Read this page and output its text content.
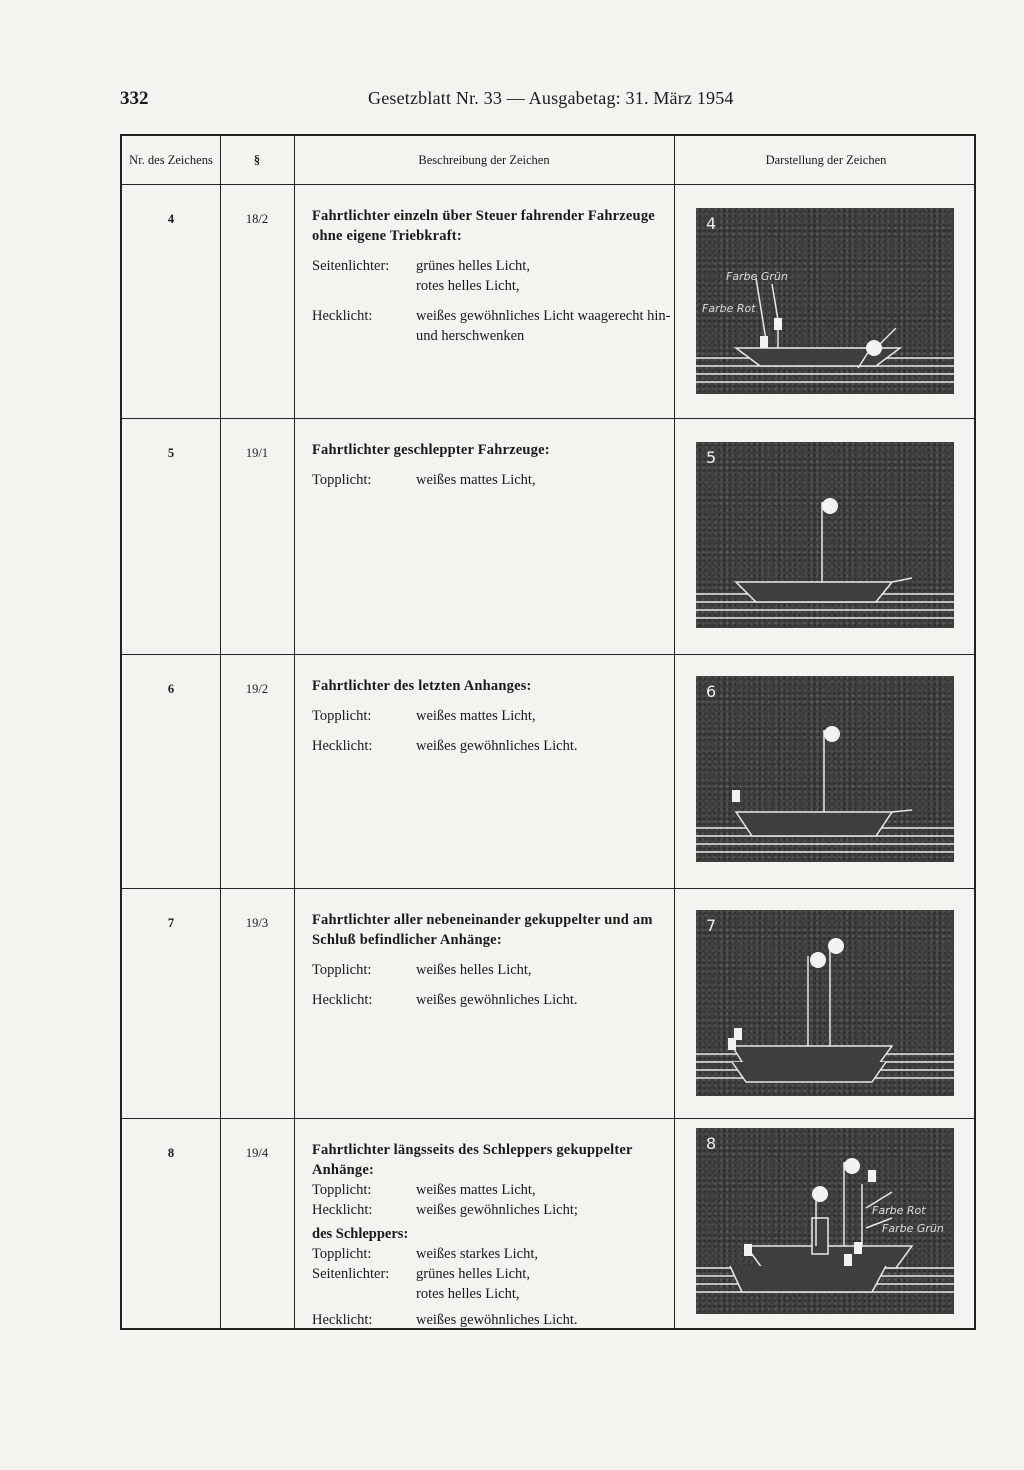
332	Gesetzblatt Nr. 33 — Ausgabetag: 31. März 1954
Nr. des Zeichens	§	Beschreibung der Zeichen	Darstellung der Zeichen
4	18/2	Fahrtlichter einzeln über Steuer fahrender Fahrzeuge ohne eigene Triebkraft:
Seitenlichter:	grünes helles Licht,
rotes helles Licht,
Hecklicht:	weißes gewöhnliches Licht waagerecht hin- und herschwenken
4
Farbe Grün
Farbe Rot
5	19/1	Fahrtlichter geschleppter Fahrzeuge:
Topplicht:	weißes mattes Licht,
5
6	19/2	Fahrtlichter des letzten Anhanges:
Topplicht:	weißes mattes Licht,
Hecklicht:	weißes gewöhnliches Licht.
6
7	19/3	Fahrtlichter aller nebeneinander gekuppelter und am Schluß befindlicher Anhänge:
Topplicht:	weißes helles Licht,
Hecklicht:	weißes gewöhnliches Licht.
7
8	19/4	Fahrtlichter längsseits des Schleppers gekuppelter Anhänge:
Topplicht:	weißes mattes Licht,
Hecklicht:	weißes gewöhnliches Licht;
des Schleppers:
Topplicht:	weißes starkes Licht,
Seitenlichter:	grünes helles Licht,
rotes helles Licht,
Hecklicht:	weißes gewöhnliches Licht.
8
Farbe Rot
Farbe Grün
